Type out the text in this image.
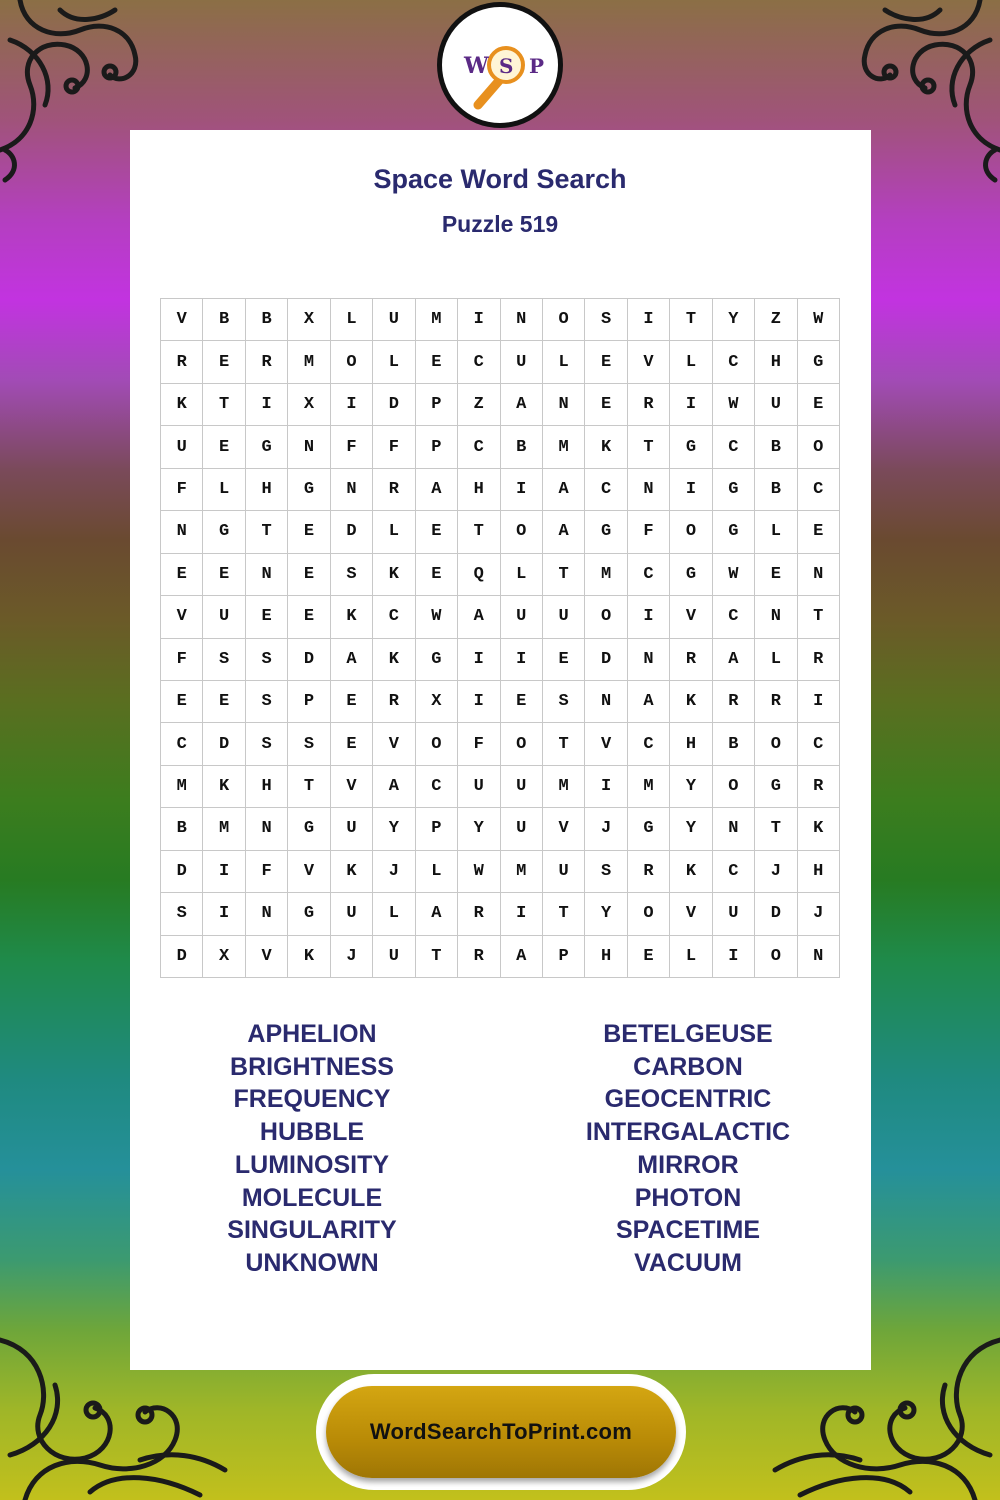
W S P
Space Word Search
Puzzle 519
V	B	B	X	L	U	M	I	N	O	S	I	T	Y	Z	W
R	E	R	M	O	L	E	C	U	L	E	V	L	C	H	G
K	T	I	X	I	D	P	Z	A	N	E	R	I	W	U	E
U	E	G	N	F	F	P	C	B	M	K	T	G	C	B	O
F	L	H	G	N	R	A	H	I	A	C	N	I	G	B	C
N	G	T	E	D	L	E	T	O	A	G	F	O	G	L	E
E	E	N	E	S	K	E	Q	L	T	M	C	G	W	E	N
V	U	E	E	K	C	W	A	U	U	O	I	V	C	N	T
F	S	S	D	A	K	G	I	I	E	D	N	R	A	L	R
E	E	S	P	E	R	X	I	E	S	N	A	K	R	R	I
C	D	S	S	E	V	O	F	O	T	V	C	H	B	O	C
M	K	H	T	V	A	C	U	U	M	I	M	Y	O	G	R
B	M	N	G	U	Y	P	Y	U	V	J	G	Y	N	T	K
D	I	F	V	K	J	L	W	M	U	S	R	K	C	J	H
S	I	N	G	U	L	A	R	I	T	Y	O	V	U	D	J
D	X	V	K	J	U	T	R	A	P	H	E	L	I	O	N
APHELION
BRIGHTNESS
FREQUENCY
HUBBLE
LUMINOSITY
MOLECULE
SINGULARITY
UNKNOWN
BETELGEUSE
CARBON
GEOCENTRIC
INTERGALACTIC
MIRROR
PHOTON
SPACETIME
VACUUM
WordSearchToPrint.com
